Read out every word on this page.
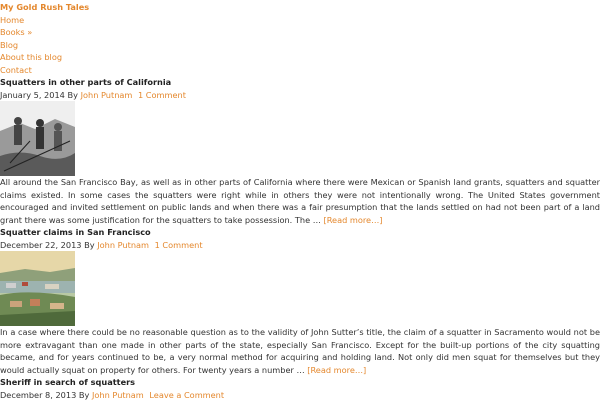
My Gold Rush Tales
Home
Books »
Blog
About this blog
Contact
Squatters in other parts of California
January 5, 2014 By John Putnam 1 Comment

All around the San Francisco Bay, as well as in other parts of California where there were Mexican or Spanish land grants, squatters and squatter claims existed. In some cases the squatters were right while in others they were not intentionally wrong. The United States government encouraged and invited settlement on public lands and when there was a fair presumption that the lands settled on had not been part of a land grant there was some justification for the squatters to take possession. The … [Read more…]

Squatter claims in San Francisco
December 22, 2013 By John Putnam 1 Comment

In a case where there could be no reasonable question as to the validity of John Sutter’s title, the claim of a squatter in Sacramento would not be more extravagant than one made in other parts of the state, especially San Francisco. Except for the built-up portions of the city squatting became, and for years continued to be, a very normal method for acquiring and holding land. Not only did men squat for themselves but they would actually squat on property for others. For twenty years a number … [Read more…]

Sheriff in search of squatters
December 8, 2013 By John Putnam Leave a Comment
